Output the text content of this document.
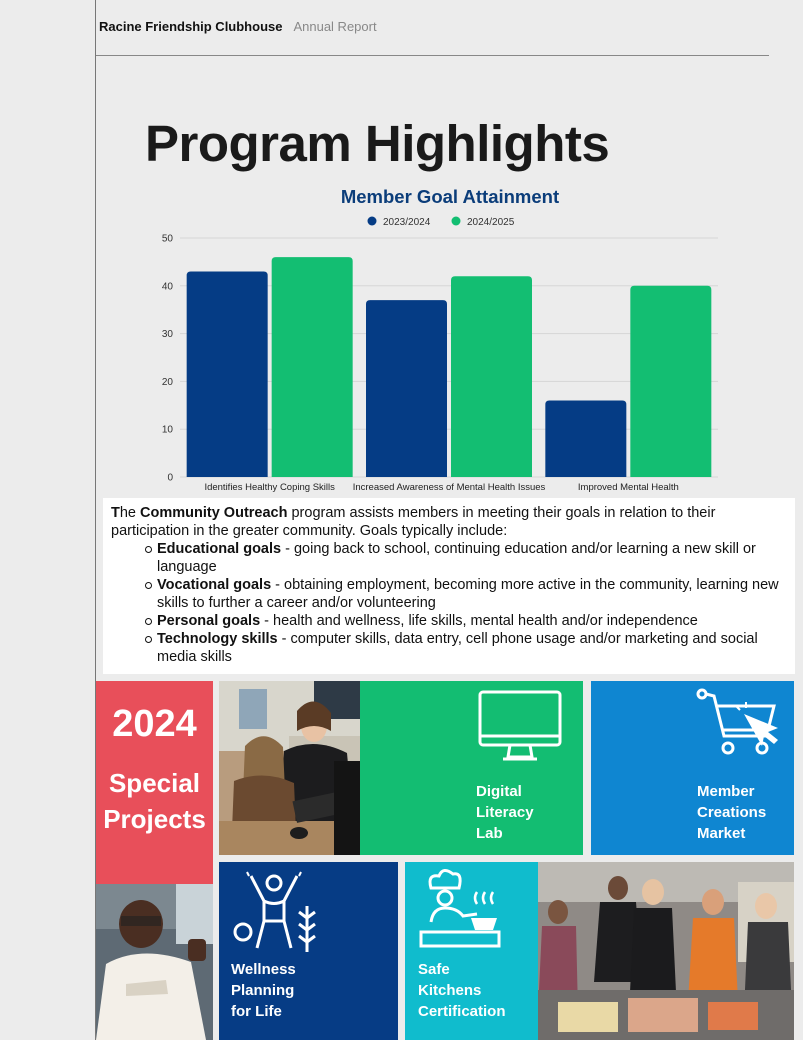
Racine Friendship Clubhouse Annual Report
Program Highlights
Member Goal Attainment
2023/2024	2024/2025
0
10
20
30
40
50
Identifies Healthy Coping Skills Increased Awareness of Mental Health Issues	Improved Mental Health

The Community Outreach program assists members in meeting their goals in relation to their participation in the greater community. Goals typically include:

Educational goals - going back to school, continuing education and/or learning a new skill or language
Vocational goals - obtaining employment, becoming more active in the community, learning new skills to further a career and/or volunteering
Personal goals - health and wellness, life skills, mental health and/or independence
Technology skills - computer skills, data entry, cell phone usage and/or marketing and social media skills
2024
Special
Projects
Digital
Literacy
Lab
Member
Creations
Market
Wellness
Planning
for Life
Safe
Kitchens
Certification
